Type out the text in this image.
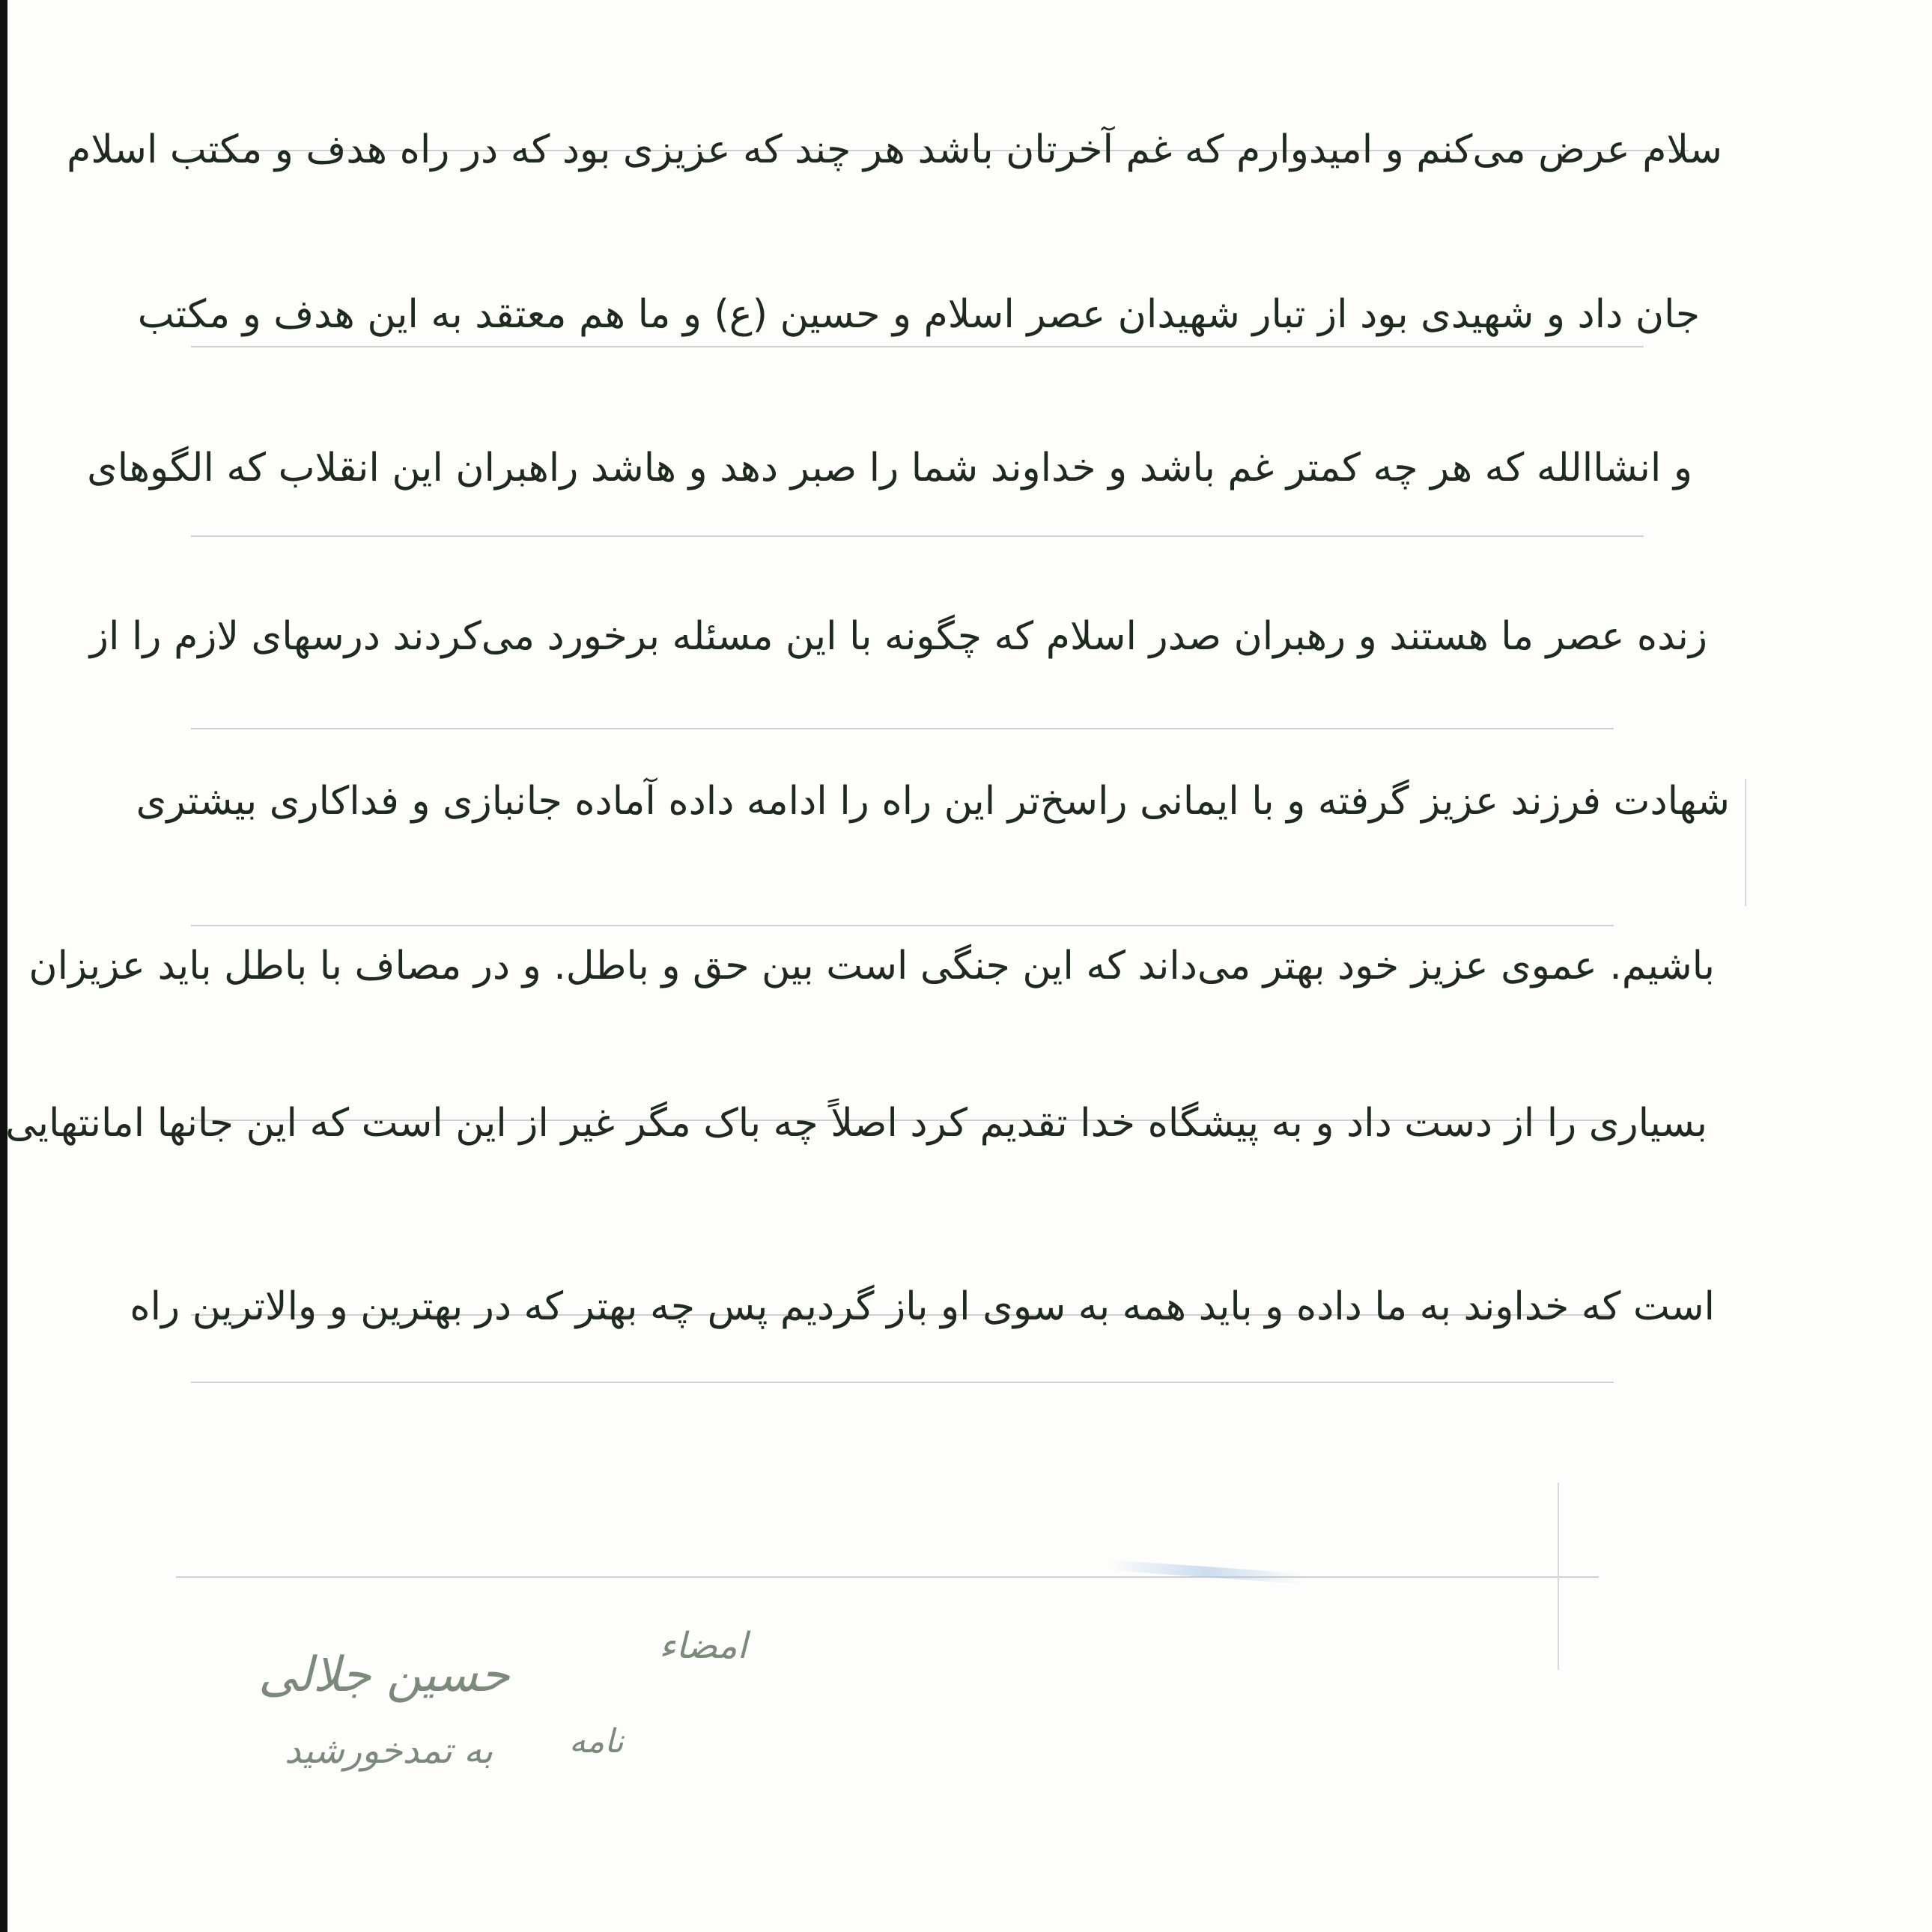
سلام عرض می‌کنم و امیدوارم که غم آخرتان باشد هر چند که عزیزی بود که در راه هدف و مکتب اسلام
جان داد و شهیدی بود از تبار شهیدان عصر اسلام و حسین (ع) و ما هم معتقد به این هدف و مکتب
و انشاالله که هر چه کمتر غم باشد و خداوند شما را صبر دهد و هاشد راهبران این انقلاب که الگوهای
زنده عصر ما هستند و رهبران صدر اسلام که چگونه با این مسئله برخورد می‌کردند درسهای لازم را از
شهادت فرزند عزیز گرفته و با ایمانی راسخ‌تر این راه را ادامه داده آماده جانبازی و فداکاری بیشتری
باشیم. عموی عزیز خود بهتر می‌داند که این جنگی است بین حق و باطل. و در مصاف با باطل باید عزیزان
بسیاری را از دست داد و به پیشگاه خدا تقدیم کرد اصلاً چه باک مگر غیر از این است که این جانها امانتهایی
است که خداوند به ما داده و باید همه به سوی او باز گردیم پس چه بهتر که در بهترین و والاترین راه
امضاء
حسین جلالی
نامه
به تمدخورشید
